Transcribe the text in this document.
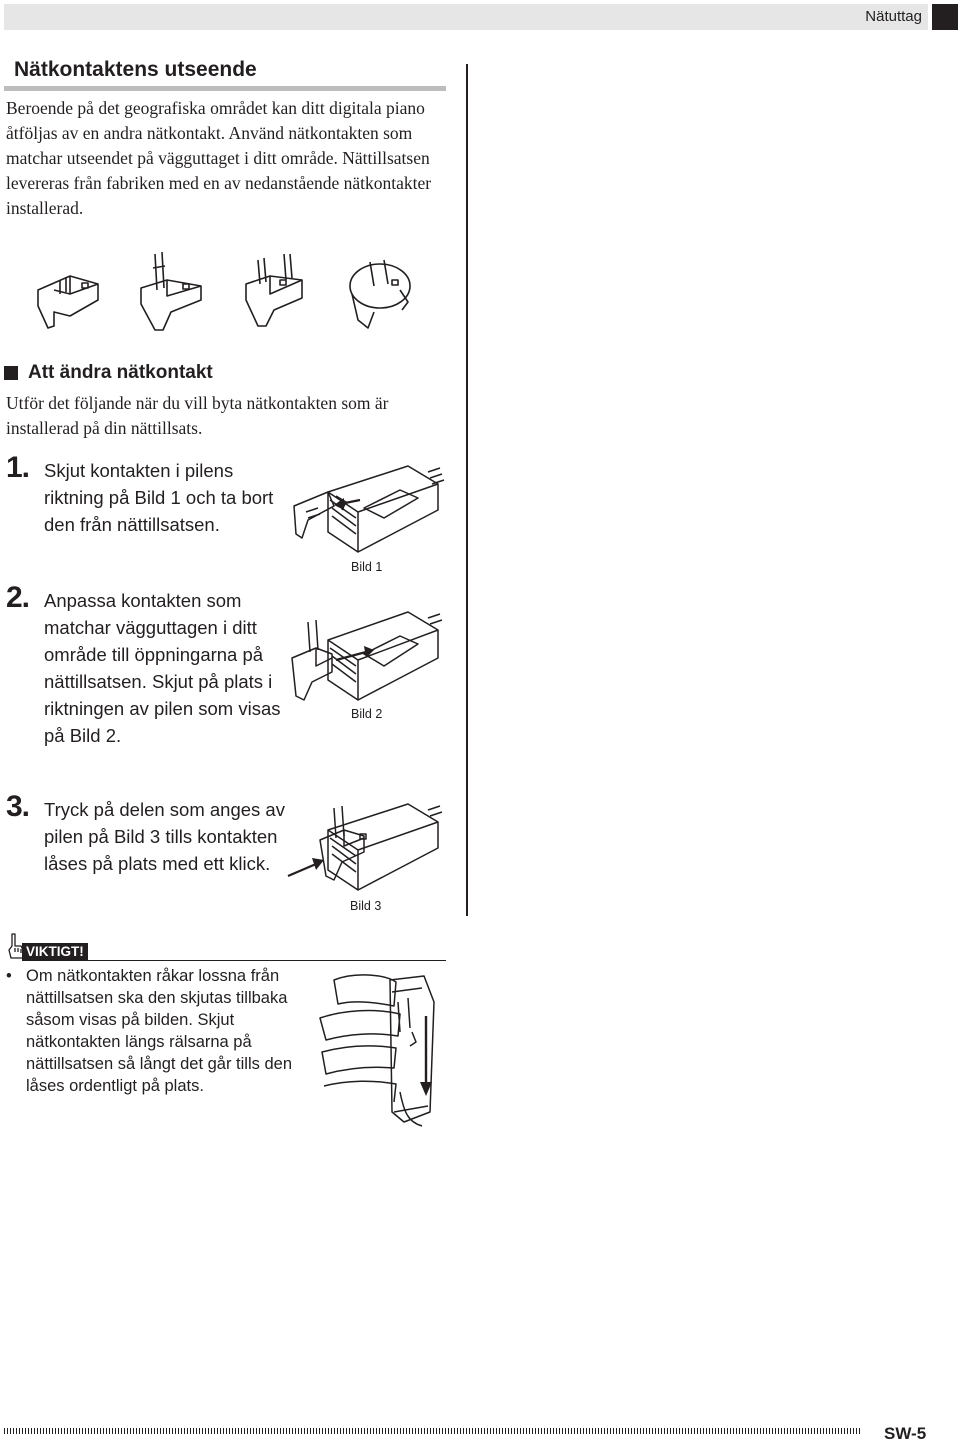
Nätuttag
Nätkontaktens utseende
Beroende på det geografiska området kan ditt digitala piano åtföljas av en andra nätkontakt. Använd nätkontakten som matchar utseendet på vägguttaget i ditt område. Nättillsatsen levereras från fabriken med en av nedanstående nätkontakter installerad.
Att ändra nätkontakt
Utför det följande när du vill byta nätkontakten som är installerad på din nättillsats.
1. Skjut kontakten i pilens riktning på Bild 1 och ta bort den från nättillsatsen.
Bild 1
2. Anpassa kontakten som matchar vägguttagen i ditt område till öppningarna på nättillsatsen. Skjut på plats i riktningen av pilen som visas på Bild 2.
Bild 2
3. Tryck på delen som anges av pilen på Bild 3 tills kontakten låses på plats med ett klick.
Bild 3
VIKTIGT!
• Om nätkontakten råkar lossna från nättillsatsen ska den skjutas tillbaka såsom visas på bilden. Skjut nätkontakten längs rälsarna på nättillsatsen så långt det går tills den låses ordentligt på plats.
SW-5
